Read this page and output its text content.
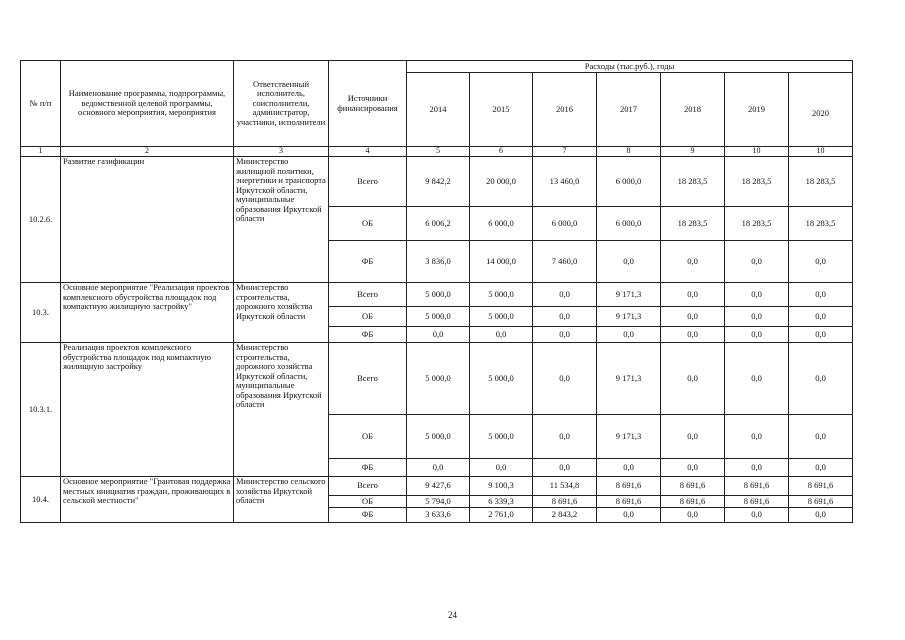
№ п/п	Наименование программы, подпрограммы, ведомственной целевой программы, основного мероприятия, мероприятия	Ответственный исполнитель, соисполнители, администратор, участники, исполнители	Источники финансирования	Расходы (тыс.руб.), годы						
				2014	2015	2016	2017	2018	2019	2020
1	2	3	4	5	6	7	8	9	10	10
10.2.6.	Развитие газификации	Министерство жилищной политики, энергетики и транспорта Иркутской области, муниципальные образования Иркутской области	Всего	9 842,2	20 000,0	13 460,0	6 000,0	18 283,5	18 283,5	18 283,5
			ОБ	6 006,2	6 000,0	6 000,0	6 000,0	18 283,5	18 283,5	18 283,5
			ФБ	3 836,0	14 000,0	7 460,0	0,0	0,0	0,0	0,0
10.3.	Основное мероприятие "Реализация проектов комплексного обустройства площадок под компактную жилищную застройку"	Министерство строительства, дорожного хозяйства Иркутской области	Всего	5 000,0	5 000,0	0,0	9 171,3	0,0	0,0	0,0
			ОБ	5 000,0	5 000,0	0,0	9 171,3	0,0	0,0	0,0
			ФБ	0,0	0,0	0,0	0,0	0,0	0,0	0,0
10.3.1.	Реализация проектов комплексного обустройства площадок под компактную жилищную застройку	Министерство строительства, дорожного хозяйства Иркутской области, муниципальные образования Иркутской области	Всего	5 000,0	5 000,0	0,0	9 171,3	0,0	0,0	0,0
			ОБ	5 000,0	5 000,0	0,0	9 171,3	0,0	0,0	0,0
			ФБ	0,0	0,0	0,0	0,0	0,0	0,0	0,0
10.4.	Основное мероприятие "Грантовая поддержка местных инициатив граждан, проживающих в сельской местности"	Министерство сельского хозяйства Иркутской области	Всего	9 427,6	9 100,3	11 534,8	8 691,6	8 691,6	8 691,6	8 691,6
			ОБ	5 794,0	6 339,3	8 691,6	8 691,6	8 691,6	8 691,6	8 691,6
			ФБ	3 633,6	2 761,0	2 843,2	0,0	0,0	0,0	0,0
24
